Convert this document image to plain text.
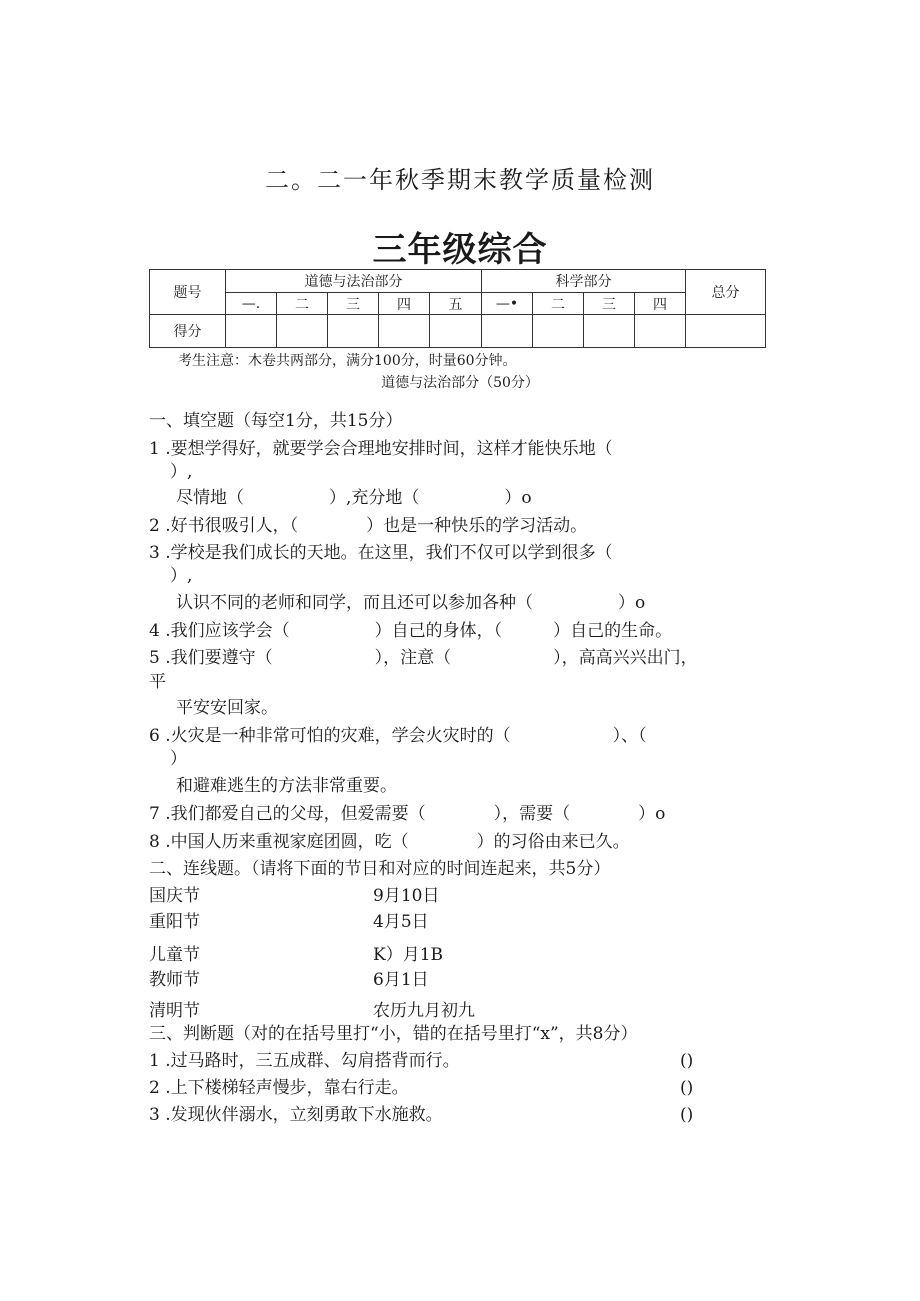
二。二一年秋季期末教学质量检测
三年级综合
题号	道德与法治部分					科学部分				总分
	—.	二	三	四	五	—•	二	三	四	
得分										
考生注意：木卷共两部分，满分100分，时量60分钟。
道德与法治部分（50分）
一、填空题（每空1分，共15分）
1 .要想学得好，就要学会合理地安排时间，这样才能快乐地（
）,
尽情地（　　　　　）,充分地（　　　　　）o
2 .好书很吸引人，（　　　　）也是一种快乐的学习活动。
3 .学校是我们成长的天地。在这里，我们不仅可以学到很多（
）,
认识不同的老师和同学，而且还可以参加各种（　　　　　）o
4 .我们应该学会（　　　　　）自己的身体，（　　　）自己的生命。
5 .我们要遵守（　　　　　　），注意（　　　　　　），高高兴兴出门，
平
平安安回家。
6 .火灾是一种非常可怕的灾难，学会火灾时的（　　　　　　）、（
）
和避难逃生的方法非常重要。
7 .我们都爱自己的父母，但爱需要（　　　　），需要（　　　　）o
8 .中国人历来重视家庭团圆，吃（　　　　）的习俗由来已久。
二、连线题。（请将下面的节日和对应的时间连起来，共5分）
国庆节	9月10日
重阳节	4月5日
儿童节	K）月1B
教师节	6月1日
清明节	农历九月初九
三、判断题（对的在括号里打“小，错的在括号里打“x”，共8分）
1 .过马路时，三五成群、勾肩搭背而行。	()
2 .上下楼梯轻声慢步，靠右行走。	()
3 .发现伙伴溺水，立刻勇敢下水施救。	()
